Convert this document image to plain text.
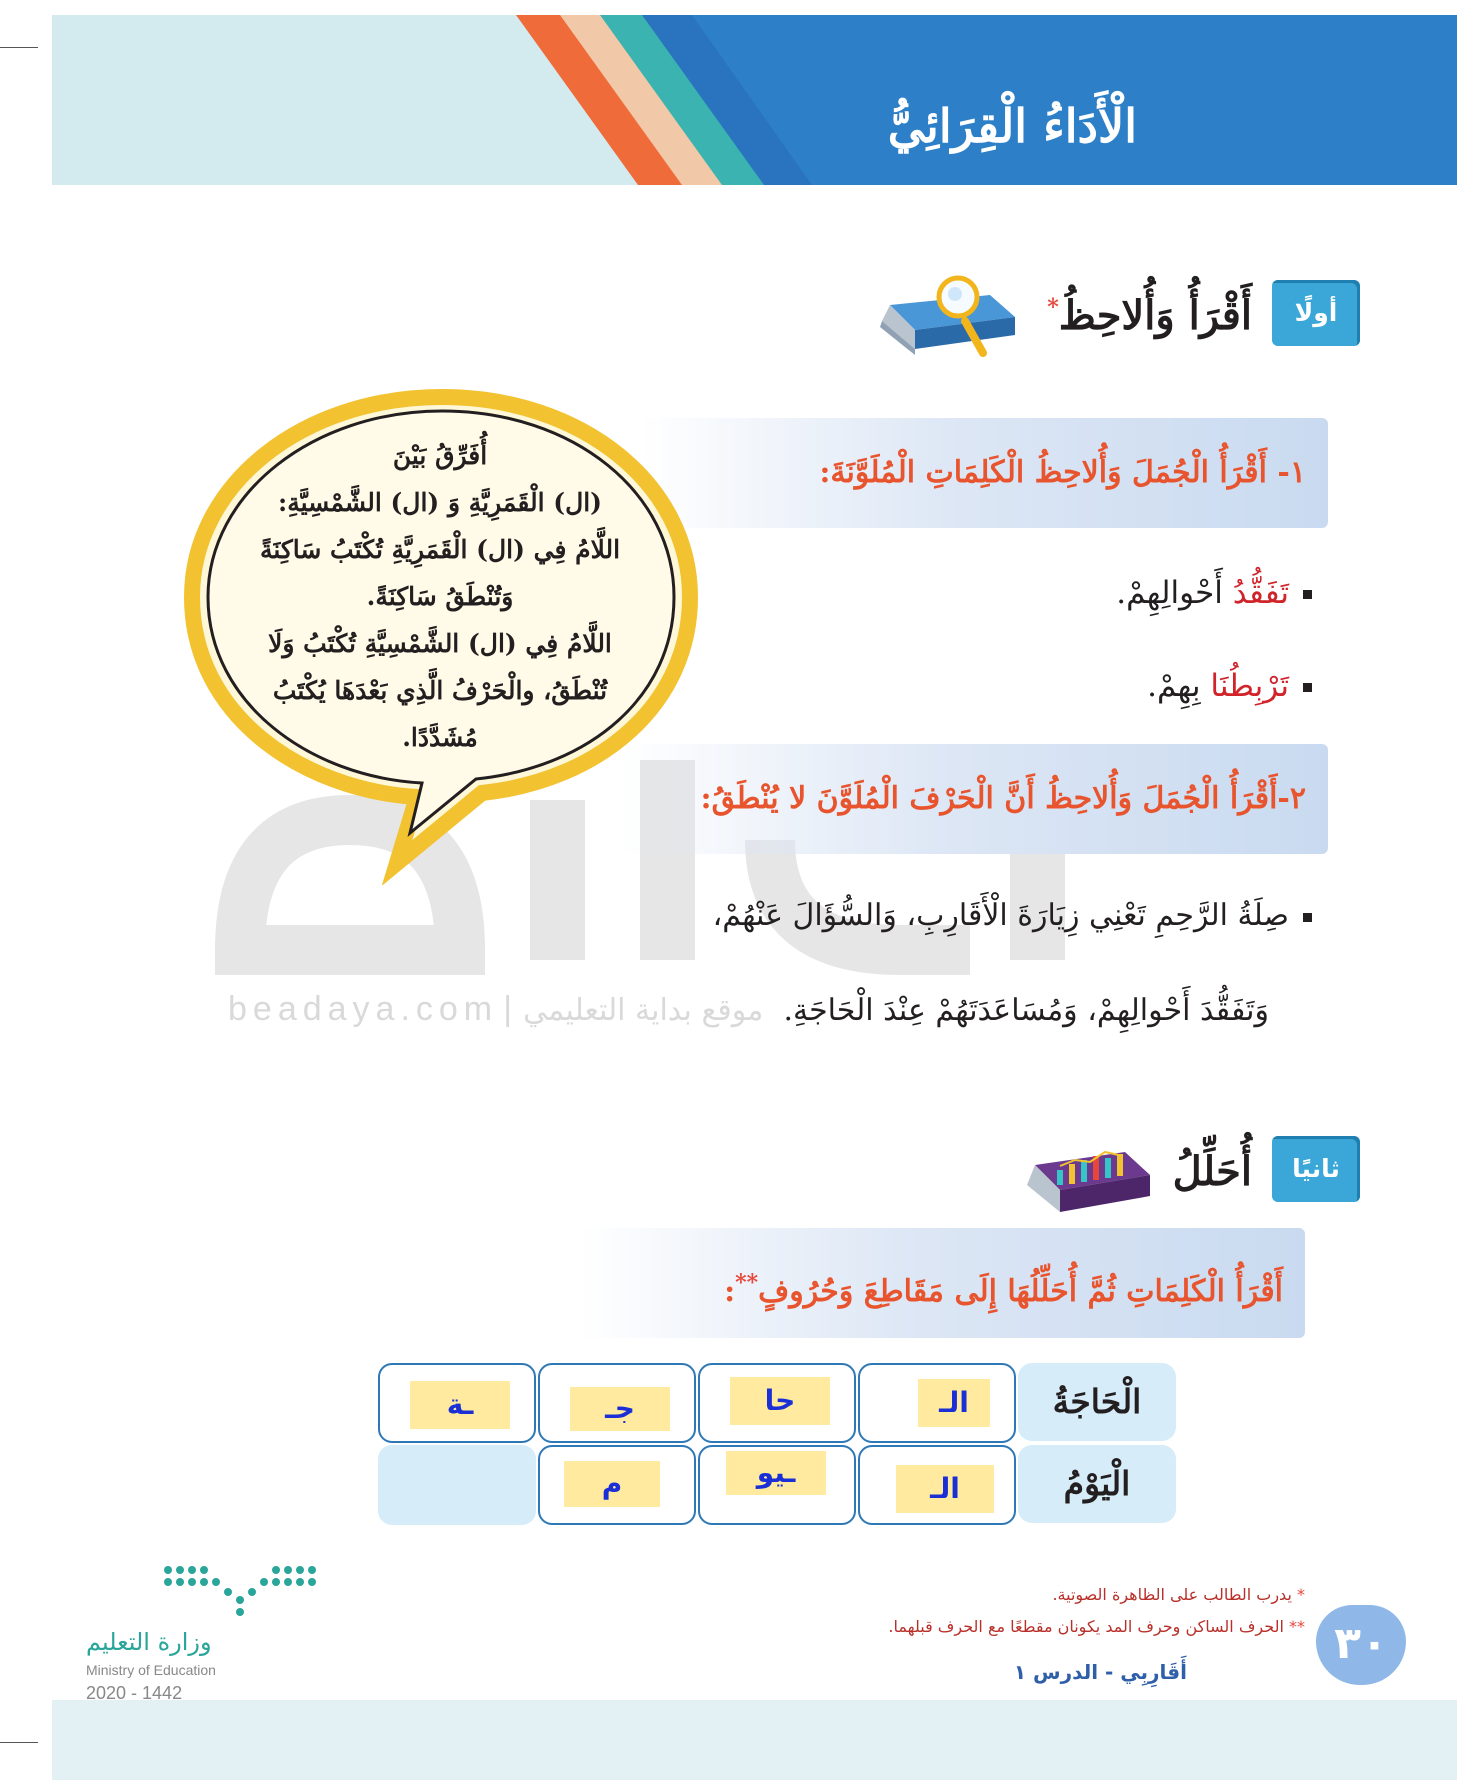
الْأَدَاءُ الْقِرَائِيُّ
أولًا
أَقْرَأُ وَأُلاحِظُ*
١- أَقْرَأُ الْجُمَلَ وَأُلاحِظُ الْكَلِمَاتِ الْمُلَوَّنَةَ:
تَفَقُّدُ أَحْوالِهِمْ.
تَرْبِطُنَا بِهِمْ.
beadaya.com | موقع بداية التعليمي
٢-أَقْرَأُ الْجُمَلَ وَأُلاحِظُ أَنَّ الْحَرْفَ الْمُلَوَّنَ لا يُنْطَقُ:
صِلَةُ الرَّحِمِ تَعْنِي زِيَارَةَ الْأَقَارِبِ، وَالسُّؤَالَ عَنْهُمْ،
وَتَفَقُّدَ أَحْوالِهِمْ، وَمُسَاعَدَتَهُمْ عِنْدَ الْحَاجَةِ.
أُفَرِّقُ بَيْنَ
(ال) الْقَمَرِيَّةِ وَ (ال) الشَّمْسِيَّةِ:
اللَّامُ فِي (ال) الْقَمَرِيَّةِ تُكْتَبُ سَاكِنَةً
وَتُنْطَقُ سَاكِنَةً.
اللَّامُ فِي (ال) الشَّمْسِيَّةِ تُكْتَبُ وَلَا
تُنْطَقُ، والْحَرْفُ الَّذِي بَعْدَهَا يُكْتَبُ
مُشَدَّدًا.
ثانيًا
أُحَلِّلُ
أَقْرَأُ الْكَلِمَاتِ ثُمَّ أُحَلِّلُهَا إِلَى مَقَاطِعَ وَحُرُوفٍ**:
الْحَاجَةُ
الـ
حا
جـ
ـة
الْيَوْمُ
الـ
ـيو
م
* يدرب الطالب على الظاهرة الصوتية.
** الحرف الساكن وحرف المد يكونان مقطعًا مع الحرف قبلهما.
أَقَارِبِي - الدرس ١
٣٠
وزارة التعليم
Ministry of Education
2020 - 1442
